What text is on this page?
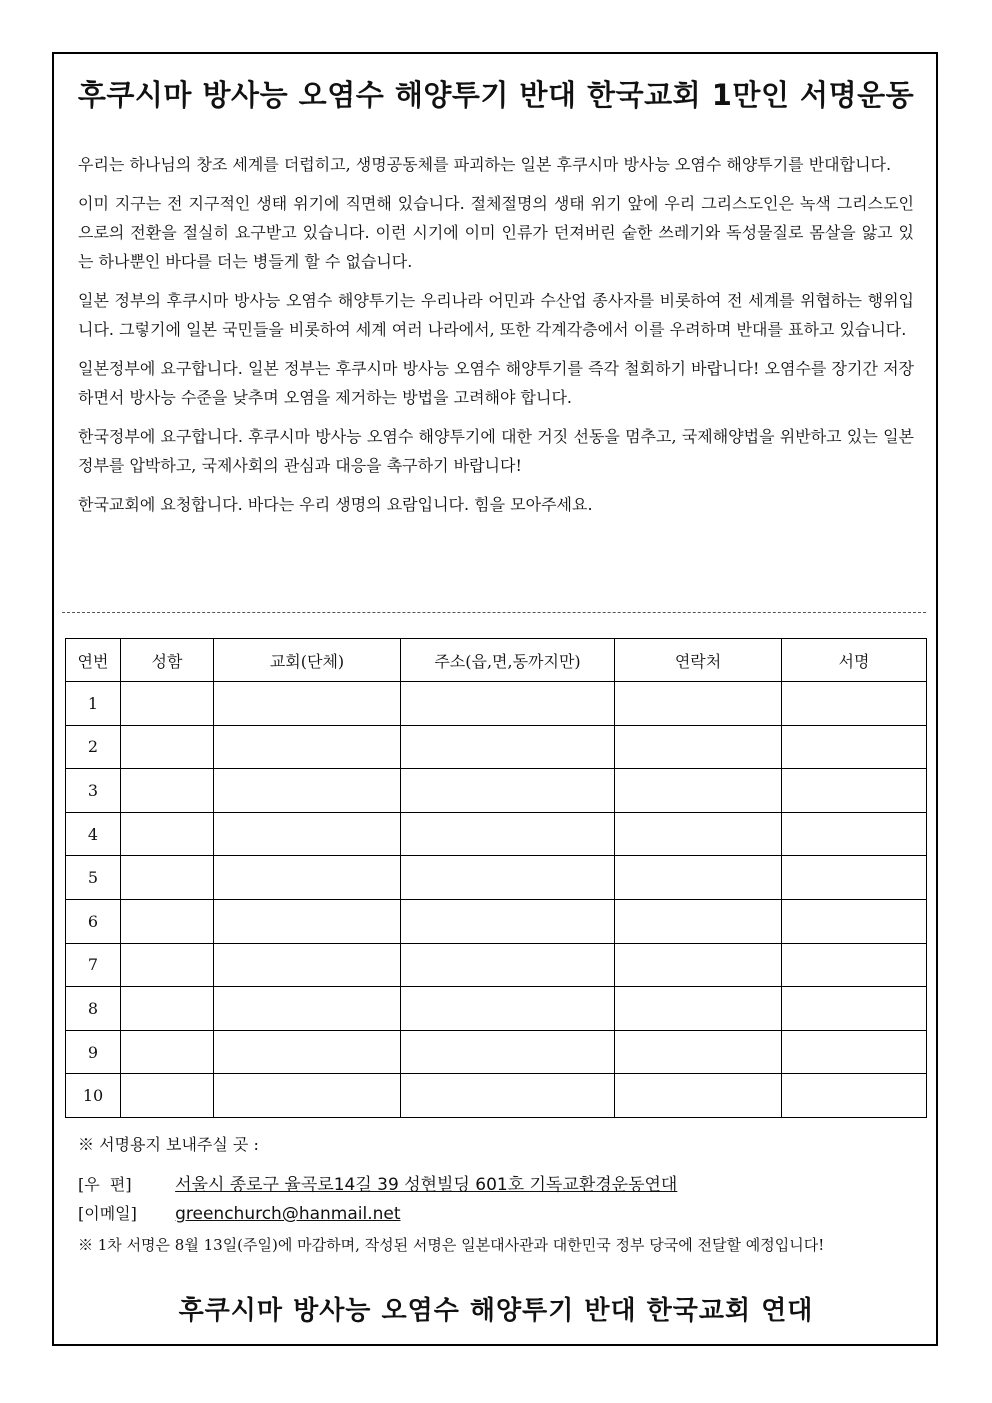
후쿠시마 방사능 오염수 해양투기 반대 한국교회 1만인 서명운동

우리는 하나님의 창조 세계를 더럽히고, 생명공동체를 파괴하는 일본 후쿠시마 방사능 오염수 해양투기를 반대합니다.

이미 지구는 전 지구적인 생태 위기에 직면해 있습니다. 절체절명의 생태 위기 앞에 우리 그리스도인은 녹색 그리스도인으로의 전환을 절실히 요구받고 있습니다. 이런 시기에 이미 인류가 던져버린 숱한 쓰레기와 독성물질로 몸살을 앓고 있는 하나뿐인 바다를 더는 병들게 할 수 없습니다.

일본 정부의 후쿠시마 방사능 오염수 해양투기는 우리나라 어민과 수산업 종사자를 비롯하여 전 세계를 위협하는 행위입니다. 그렇기에 일본 국민들을 비롯하여 세계 여러 나라에서, 또한 각계각층에서 이를 우려하며 반대를 표하고 있습니다.

일본정부에 요구합니다. 일본 정부는 후쿠시마 방사능 오염수 해양투기를 즉각 철회하기 바랍니다! 오염수를 장기간 저장하면서 방사능 수준을 낮추며 오염을 제거하는 방법을 고려해야 합니다.

한국정부에 요구합니다. 후쿠시마 방사능 오염수 해양투기에 대한 거짓 선동을 멈추고, 국제해양법을 위반하고 있는 일본 정부를 압박하고, 국제사회의 관심과 대응을 촉구하기 바랍니다!

한국교회에 요청합니다. 바다는 우리 생명의 요람입니다. 힘을 모아주세요.

연번	성함	교회(단체)	주소(읍,면,동까지만)	연락처	서명
1					
2					
3					
4					
5					
6					
7					
8					
9					
10					
※ 서명용지 보내주실 곳 :
[우  편]	서울시 종로구 율곡로14길 39 성현빌딩 601호 기독교환경운동연대
[이메일] greenchurch@hanmail.net
※ 1차 서명은 8월 13일(주일)에 마감하며, 작성된 서명은 일본대사관과 대한민국 정부 당국에 전달할 예정입니다!
후쿠시마 방사능 오염수 해양투기 반대 한국교회 연대
